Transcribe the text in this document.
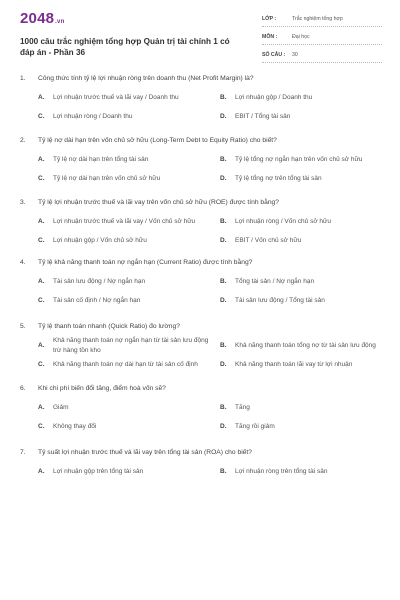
2048.vn
1000 câu trắc nghiệm tổng hợp Quản trị tài chính 1 có đáp án - Phần 36
LỚP :	Trắc nghiệm tổng hợp
MÔN :	Đại học
SỐ CÂU :	30
1.	Công thức tính tỷ lệ lợi nhuận ròng trên doanh thu (Net Profit Margin) là?
A.	Lợi nhuận trước thuế và lãi vay / Doanh thu	B.	Lợi nhuận gộp / Doanh thu
C.	Lợi nhuận ròng / Doanh thu	D.	EBIT / Tổng tài sản
2.	Tỷ lệ nợ dài hạn trên vốn chủ sở hữu (Long-Term Debt to Equity Ratio) cho biết?
A.	Tỷ lệ nợ dài hạn trên tổng tài sản	B.	Tỷ lệ tổng nợ ngắn hạn trên vốn chủ sở hữu
C.	Tỷ lệ nợ dài hạn trên vốn chủ sở hữu	D.	Tỷ lệ tổng nợ trên tổng tài sản
3.	Tỷ lệ lợi nhuận trước thuế và lãi vay trên vốn chủ sở hữu (ROE) được tính bằng?
A.	Lợi nhuận trước thuế và lãi vay / Vốn chủ sở hữu	B.	Lợi nhuận ròng / Vốn chủ sở hữu
C.	Lợi nhuận gộp / Vốn chủ sở hữu	D.	EBIT / Vốn chủ sở hữu
4.	Tỷ lệ khả năng thanh toán nợ ngắn hạn (Current Ratio) được tính bằng?
A.	Tài sản lưu động / Nợ ngắn hạn	B.	Tổng tài sản / Nợ ngắn hạn
C.	Tài sản cố định / Nợ ngắn hạn	D.	Tài sản lưu động / Tổng tài sản
5.	Tỷ lệ thanh toán nhanh (Quick Ratio) đo lường?
A.
Khả năng thanh toán nợ ngắn hạn từ tài sản lưu động trừ hàng tồn kho
B.	Khả năng thanh toán tổng nợ từ tài sản lưu động
C.	Khả năng thanh toán nợ dài hạn từ tài sản cố định	D.	Khả năng thanh toán lãi vay từ lợi nhuận
6.	Khi chi phí biến đổi tăng, điểm hoà vốn sẽ?
A.	Giảm	B.	Tăng
C.	Không thay đổi	D.	Tăng rồi giảm
7.	Tỷ suất lợi nhuận trước thuế và lãi vay trên tổng tài sản (ROA) cho biết?
A.	Lợi nhuận gộp trên tổng tài sản	B.	Lợi nhuận ròng trên tổng tài sản
